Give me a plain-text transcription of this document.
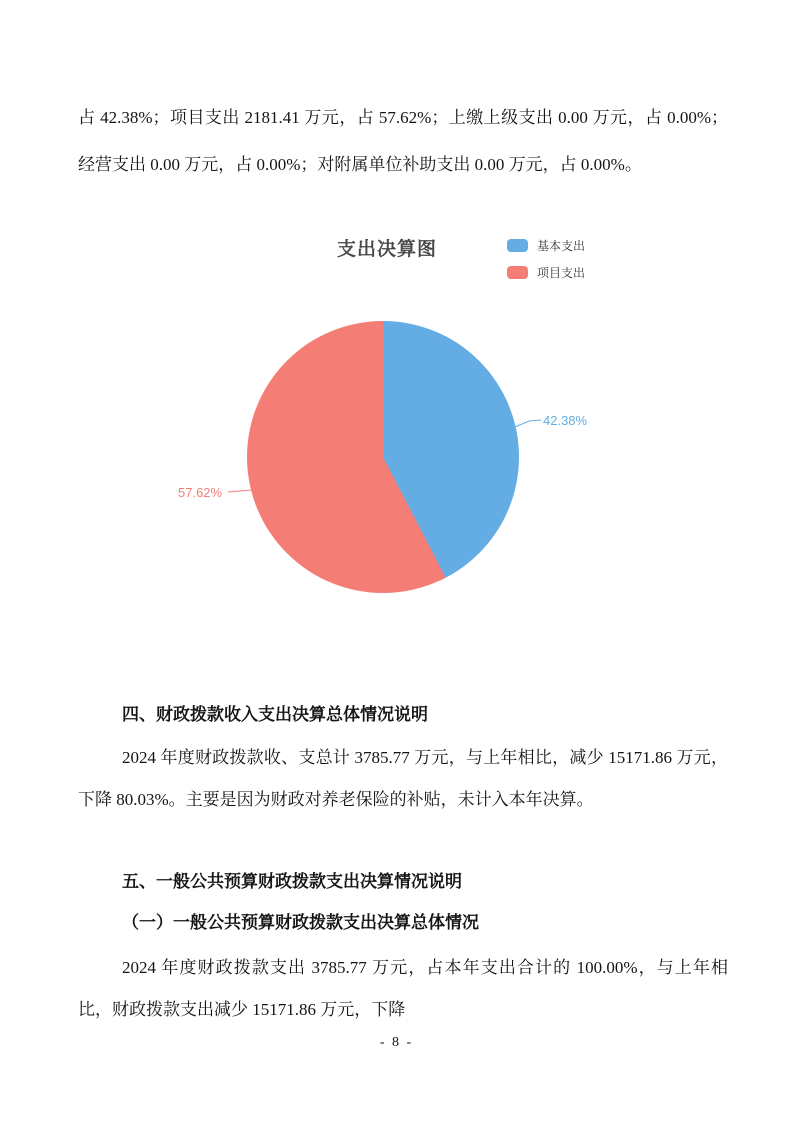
占 42.38%；项目支出 2181.41 万元，占 57.62%；上缴上级支出 0.00 万元，占 0.00%；经营支出 0.00 万元，占 0.00%；对附属单位补助支出 0.00 万元，占 0.00%。

支出决算图	基本支出
项目支出
42.38%
57.62%

四、财政拨款收入支出决算总体情况说明

2024 年度财政拨款收、支总计 3785.77 万元，与上年相比，减少 15171.86 万元，下降 80.03%。主要是因为财政对养老保险的补贴，未计入本年决算。

五、一般公共预算财政拨款支出决算情况说明

（一）一般公共预算财政拨款支出决算总体情况

2024 年度财政拨款支出 3785.77 万元，占本年支出合计的 100.00%，与上年相比，财政拨款支出减少 15171.86 万元，下降

- 8 -
